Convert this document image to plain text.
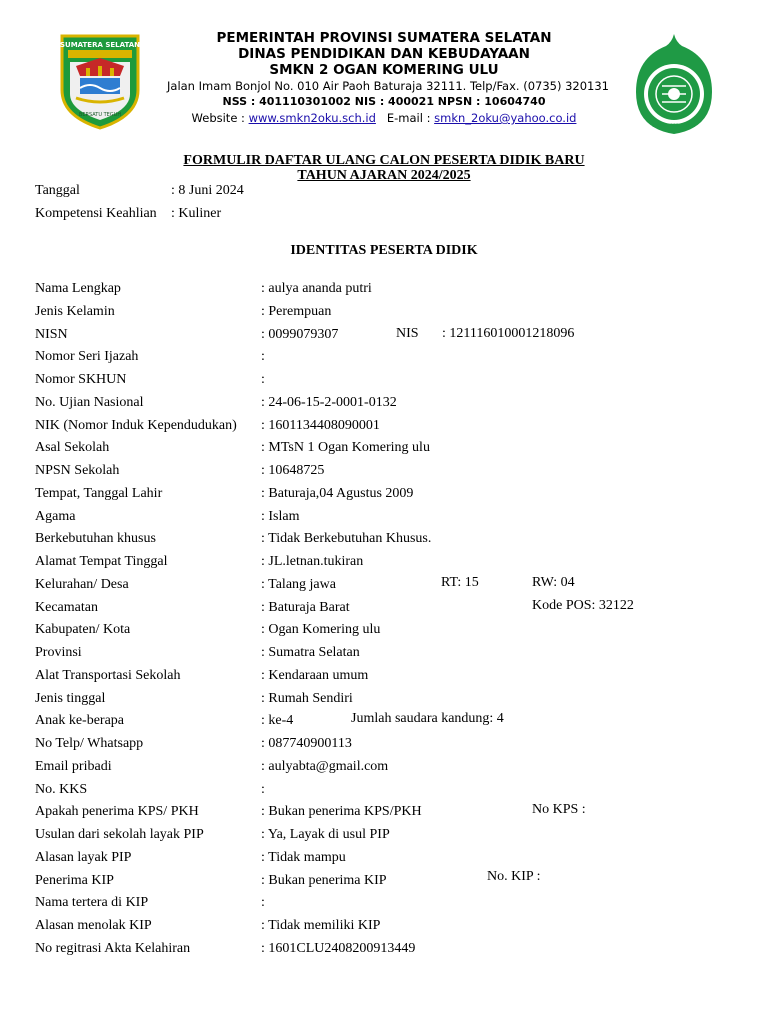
SUMATERA SELATAN
BERSATU TEGUH
SMK NEGERI 2 OKU
PEMERINTAH PROVINSI SUMATERA SELATAN
DINAS PENDIDIKAN DAN KEBUDAYAAN
SMKN 2 OGAN KOMERING ULU
Jalan Imam Bonjol No. 010 Air Paoh Baturaja 32111. Telp/Fax. (0735) 320131
NSS : 401110301002 NIS : 400021 NPSN : 10604740
Website : www.smkn2oku.sch.id   E-mail : smkn_2oku@yahoo.co.id
FORMULIR DAFTAR ULANG CALON PESERTA DIDIK BARU
TAHUN AJARAN 2024/2025
Tanggal	: 8 Juni 2024
Kompetensi Keahlian : Kuliner
IDENTITAS PESERTA DIDIK
Nama Lengkap	: aulya ananda putri
Jenis Kelamin	: Perempuan
NISN	: 0099079307
Nomor Seri Ijazah	:
Nomor SKHUN	:
No. Ujian Nasional	: 24-06-15-2-0001-0132
NIK (Nomor Induk Kependudukan) : 1601134408090001
Asal Sekolah	: MTsN 1 Ogan Komering ulu
NPSN Sekolah	: 10648725
Tempat, Tanggal Lahir	: Baturaja,04 Agustus 2009
Agama	: Islam
Berkebutuhan khusus	: Tidak Berkebutuhan Khusus.
Alamat Tempat Tinggal	: JL.letnan.tukiran
Kelurahan/ Desa	: Talang jawa
Kecamatan	: Baturaja Barat
Kabupaten/ Kota	: Ogan Komering ulu
Provinsi	: Sumatra Selatan
Alat Transportasi Sekolah	: Kendaraan umum
Jenis tinggal	: Rumah Sendiri
Anak ke-berapa	: ke-4
No Telp/ Whatsapp	: 087740900113
Email pribadi	: aulyabta@gmail.com
No. KKS	:
Apakah penerima KPS/ PKH	: Bukan penerima KPS/PKH
Usulan dari sekolah layak PIP	: Ya, Layak di usul PIP
Alasan layak PIP	: Tidak mampu
Penerima KIP	: Bukan penerima KIP
Nama tertera di KIP	:
Alasan menolak KIP	: Tidak memiliki KIP
No regitrasi Akta Kelahiran	: 1601CLU2408200913449
NIS : 121116010001218096
RT: 15	RW: 04
Kode POS: 32122
Jumlah saudara kandung: 4
No KPS :
No. KIP :
